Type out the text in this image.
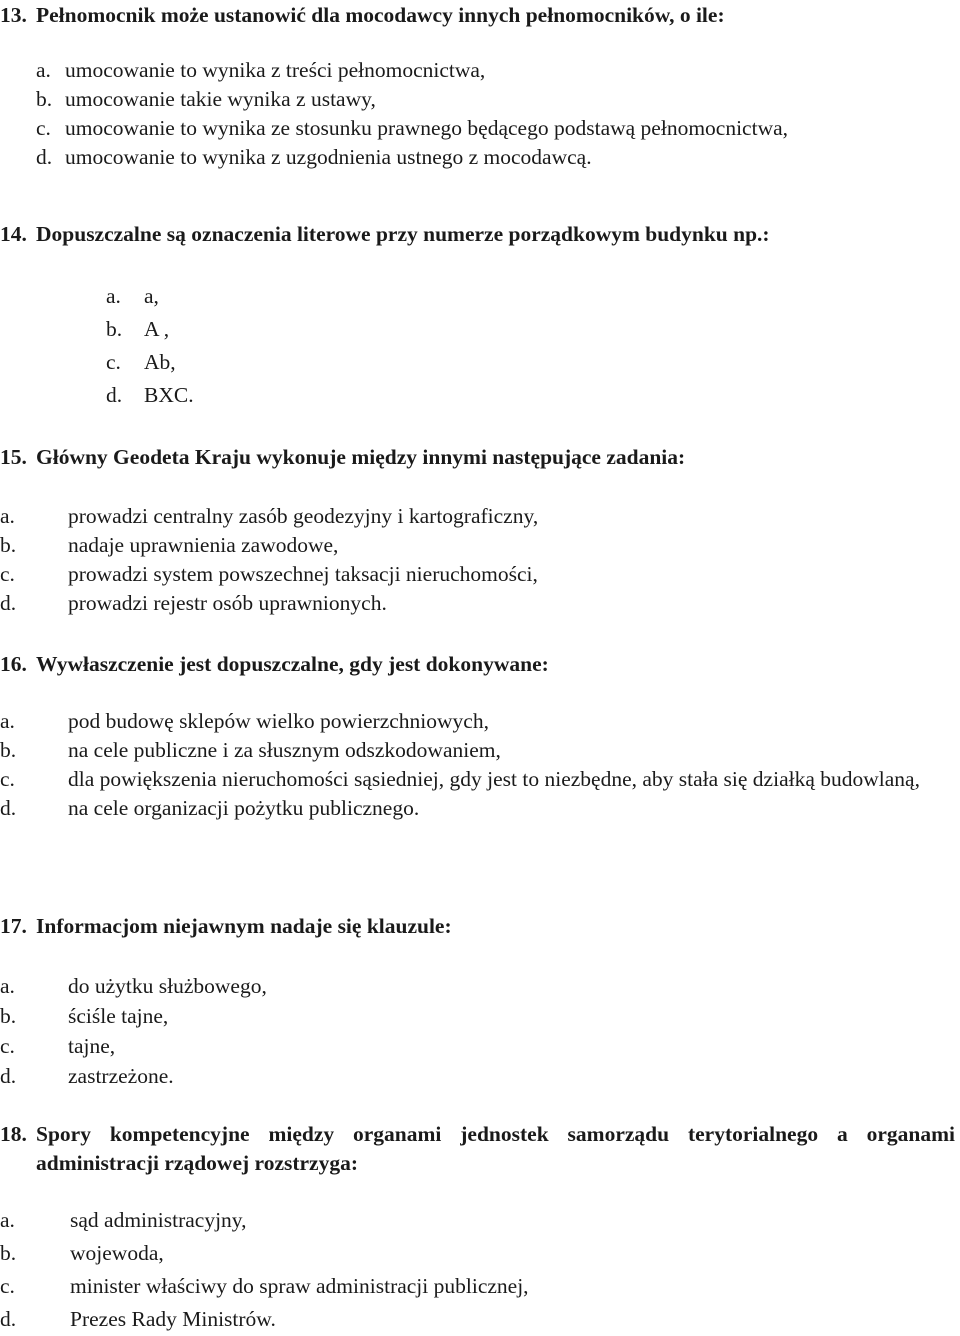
13. Pełnomocnik może ustanowić dla mocodawcy innych pełnomocników, o ile:
a. umocowanie to wynika z treści pełnomocnictwa,
b. umocowanie takie wynika z ustawy,
c. umocowanie to wynika ze stosunku prawnego będącego podstawą pełnomocnictwa,
d. umocowanie to wynika z uzgodnienia ustnego z mocodawcą.
14. Dopuszczalne są oznaczenia literowe przy numerze porządkowym budynku np.:
a. a,
b. A ,
c. Ab,
d. BXC.
15. Główny Geodeta Kraju wykonuje między innymi następujące zadania:
a. prowadzi centralny zasób geodezyjny i kartograficzny,
b. nadaje uprawnienia zawodowe,
c. prowadzi system powszechnej taksacji nieruchomości,
d. prowadzi rejestr osób uprawnionych.
16. Wywłaszczenie jest dopuszczalne, gdy jest dokonywane:
a. pod budowę sklepów wielko powierzchniowych,
b. na cele publiczne i za słusznym odszkodowaniem,
c. dla powiększenia nieruchomości sąsiedniej, gdy jest to niezbędne, aby stała się działką budowlaną,
d. na cele organizacji pożytku publicznego.
17. Informacjom niejawnym nadaje się klauzule:
a. do użytku służbowego,
b. ściśle tajne,
c. tajne,
d. zastrzeżone.
18. Spory kompetencyjne między organami jednostek samorządu terytorialnego a organami administracji rządowej rozstrzyga:
a.	sąd administracyjny,
b.	wojewoda,
c.	minister właściwy do spraw administracji publicznej,
d.	Prezes Rady Ministrów.
